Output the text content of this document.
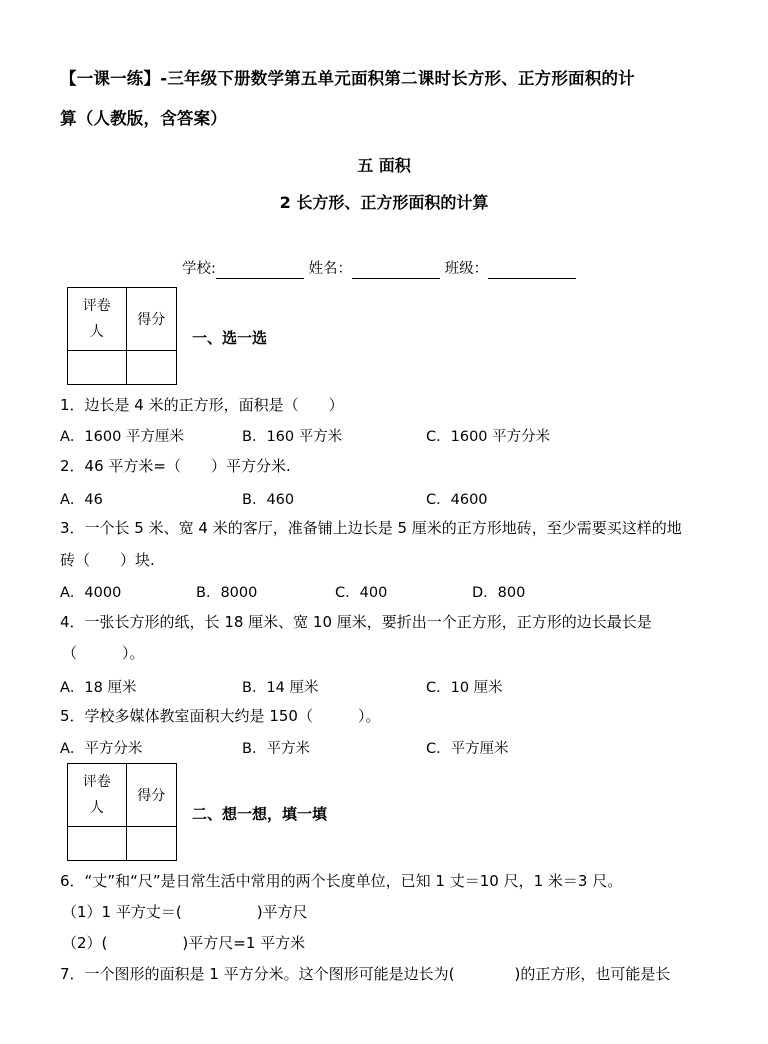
【一课一练】-三年级下册数学第五单元面积第二课时长方形、正方形面积的计
算（人教版，含答案）
五 面积
2 长方形、正方形面积的计算
学校:	姓名：	班级：
评卷人	得分

一、选一选
1．边长是 4 米的正方形，面积是（　　）
A．1600 平方厘米	B．160 平方米	C．1600 平方分米
2．46 平方米=（　　）平方分米.
A．46	B．460	C．4600
3．一个长 5 米、宽 4 米的客厅，准备铺上边长是 5 厘米的正方形地砖，至少需要买这样的地
砖（　　）块.
A．4000	B．8000	C．400	D．800
4．一张长方形的纸，长 18 厘米、宽 10 厘米，要折出一个正方形，正方形的边长最长是
（　　　）。
A．18 厘米	B．14 厘米	C．10 厘米
5．学校多媒体教室面积大约是 150（　　　）。
A．平方分米	B．平方米	C．平方厘米
评卷人	得分

二、想一想，填一填
6．“丈”和“尺”是日常生活中常用的两个长度单位，已知 1 丈＝10 尺，1 米＝3 尺。
（1）1 平方丈＝(　　　　　)平方尺
（2）(　　　　　)平方尺=1 平方米
7．一个图形的面积是 1 平方分米。这个图形可能是边长为(　　　　)的正方形，也可能是长
